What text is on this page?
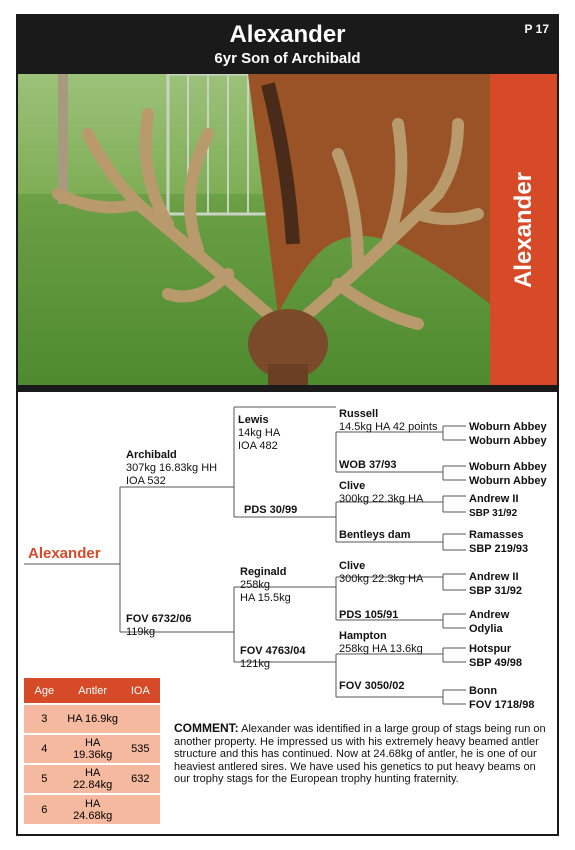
Alexander
6yr Son of Archibald
P 17
Alexander
Alexander
Archibald
307kg 16.83kg HH
IOA 532
FOV 6732/06
119kg
Lewis
14kg HA
IOA 482
PDS 30/99
Reginald
258kg
HA 15.5kg
FOV 4763/04
121kg
Russell
14.5kg HA 42 points
WOB 37/93
Clive
300kg 22.3kg HA
Bentleys dam
Clive
300kg 22.3kg HA
PDS 105/91
Hampton
258kg HA 13.6kg
FOV 3050/02
Woburn Abbey
Woburn Abbey
Woburn Abbey
Woburn Abbey
Andrew II
SBP 31/92
Ramasses
SBP 219/93
Andrew II
SBP 31/92
Andrew
Odylia
Hotspur
SBP 49/98
Bonn
FOV 1718/98
Age	Antler	IOA
3	HA 16.9kg	
4	HA 19.36kg	535
5	HA 22.84kg	632
6	HA 24.68kg	
COMMENT: Alexander was identified in a large group of stags being run on another property. He impressed us with his extremely heavy beamed antler structure and this has continued. Now at 24.68kg of antler, he is one of our heaviest antlered sires. We have used his genetics to put heavy beams on our trophy stags for the European trophy hunting fraternity.
